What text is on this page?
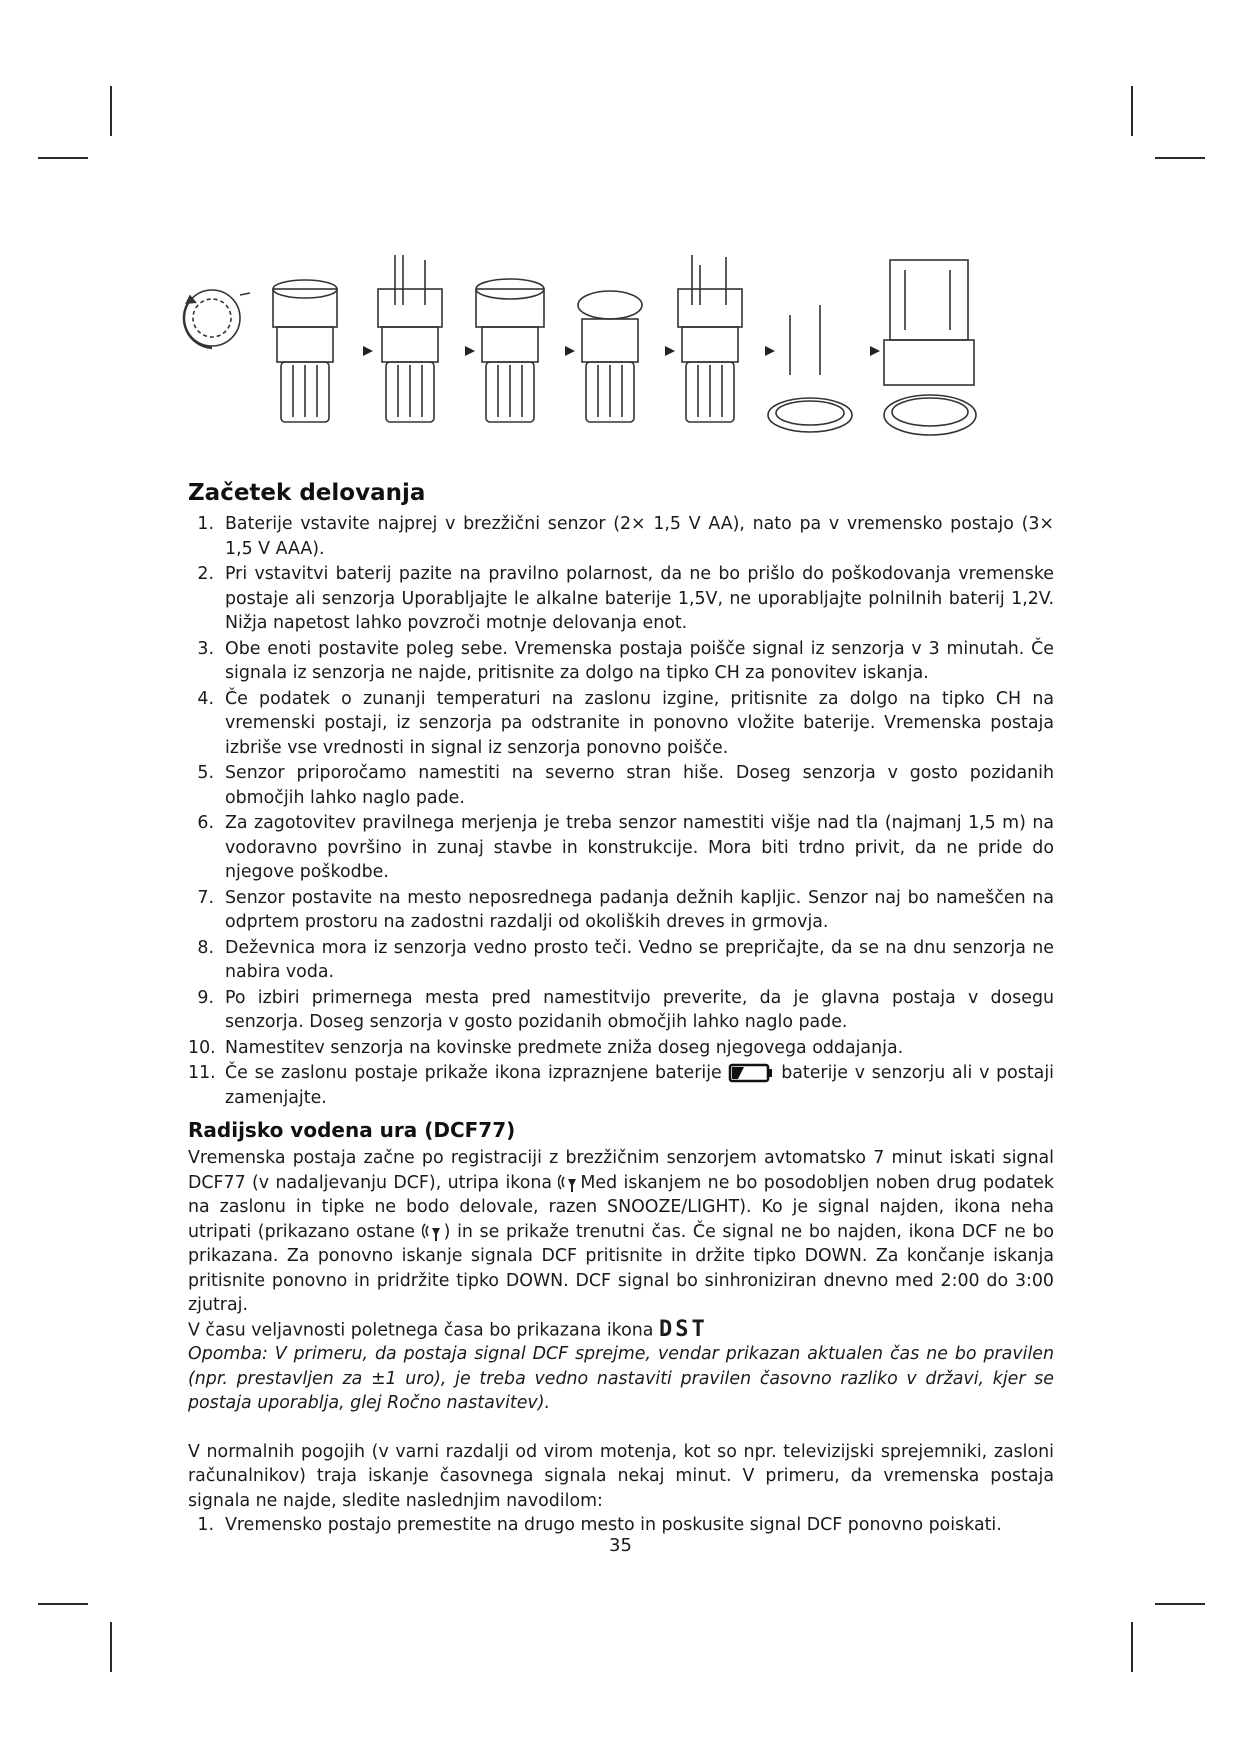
Začetek delovanja
1. Baterije vstavite najprej v brezžični senzor (2× 1,5 V AA), nato pa v vremensko postajo (3× 1,5 V AAA).
2. Pri vstavitvi baterij pazite na pravilno polarnost, da ne bo prišlo do poškodovanja vremenske postaje ali senzorja Uporabljajte le alkalne baterije 1,5V, ne uporabljajte polnilnih baterij 1,2V. Nižja napetost lahko povzroči motnje delovanja enot.
3. Obe enoti postavite poleg sebe. Vremenska postaja poišče signal iz senzorja v 3 minutah. Če signala iz senzorja ne najde, pritisnite za dolgo na tipko CH za ponovitev iskanja.
4. Če podatek o zunanji temperaturi na zaslonu izgine, pritisnite za dolgo na tipko CH na vremenski postaji, iz senzorja pa odstranite in ponovno vložite baterije. Vremenska postaja izbriše vse vrednosti in signal iz senzorja ponovno poišče.
5. Senzor priporočamo namestiti na severno stran hiše. Doseg senzorja v gosto pozidanih območjih lahko naglo pade.
6. Za zagotovitev pravilnega merjenja je treba senzor namestiti višje nad tla (najmanj 1,5 m) na vodoravno površino in zunaj stavbe in konstrukcije. Mora biti trdno privit, da ne pride do njegove poškodbe.
7. Senzor postavite na mesto neposrednega padanja dežnih kapljic. Senzor naj bo nameščen na odprtem prostoru na zadostni razdalji od okoliških dreves in grmovja.
8. Deževnica mora iz senzorja vedno prosto teči. Vedno se prepričajte, da se na dnu senzorja ne nabira voda.
9. Po izbiri primernega mesta pred namestitvijo preverite, da je glavna postaja v dosegu senzorja. Doseg senzorja v gosto pozidanih območjih lahko naglo pade.
10. Namestitev senzorja na kovinske predmete zniža doseg njegovega oddajanja.
11. Če se zaslonu postaje prikaže ikona izpraznjene baterije	baterije v senzorju ali v postaji zamenjajte.
Radijsko vodena ura (DCF77)

Vremenska postaja začne po registraciji z brezžičnim senzorjem avtomatsko 7 minut iskati signal DCF77 (v nadaljevanju DCF), utripa ikona Med iskanjem ne bo posodobljen noben drug podatek na zaslonu in tipke ne bodo delovale, razen SNOOZE/LIGHT). Ko je signal najden, ikona neha utripati (prikazano ostane ) in se prikaže trenutni čas. Če signal ne bo najden, ikona DCF ne bo prikazana. Za ponovno iskanje signala DCF pritisnite in držite tipko DOWN. Za končanje iskanja pritisnite ponovno in pridržite tipko DOWN. DCF signal bo sinhroniziran dnevno med 2:00 do 3:00 zjutraj.

V času veljavnosti poletnega časa bo prikazana ikona DST

Opomba: V primeru, da postaja signal DCF sprejme, vendar prikazan aktualen čas ne bo pravilen (npr. prestavljen za ±1 uro), je treba vedno nastaviti pravilen časovno razliko v državi, kjer se postaja uporablja, glej Ročno nastavitev).

V normalnih pogojih (v varni razdalji od virom motenja, kot so npr. televizijski sprejemniki, zasloni računalnikov) traja iskanje časovnega signala nekaj minut. V primeru, da vremenska postaja signala ne najde, sledite naslednjim navodilom:

1. Vremensko postajo premestite na drugo mesto in poskusite signal DCF ponovno poiskati.
35
